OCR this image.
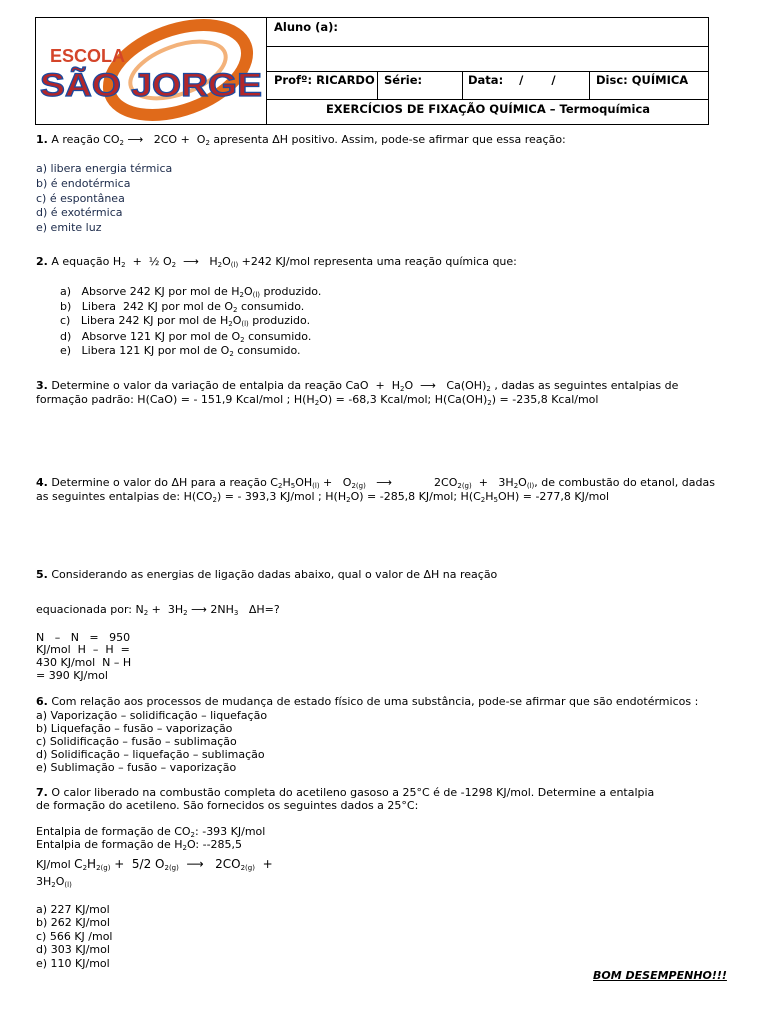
ESCOLA
SÃO JORGE
Aluno (a):
Profº: RICARDO Série:	Data:    /       /	Disc: QUÍMICA
EXERCÍCIOS DE FIXAÇÃO QUÍMICA – Termoquímica
1. A reação $CO_2$ ⟶   $2CO + O_2$ apresenta ΔH positivo. Assim, pode-se afirmar que essa reação:
a) libera energia térmica
b) é endotérmica
c) é espontânea
d) é exotérmica
e) emite luz
2. A equação $H_2$  +  ½ $O_2$  ⟶   $H_2O_{(l)} +242$ KJ/mol representa uma reação química que:
a)   Absorve 242 KJ por mol de $H_2O_{(l)}$ produzido.
b)   Libera  242 KJ por mol de $O_2$ consumido.
c)   Libera 242 KJ por mol de $H_2O_{(l)}$ produzido.
d)   Absorve 121 KJ por mol de $O_2$ consumido.
e)   Libera 121 KJ por mol de $O_2$ consumido.
3. Determine o valor da variação de entalpia da reação CaO  +  $H_2O$  ⟶   $Ca(OH)_2$ , dadas as seguintes entalpias de
formação padrão: H(CaO) = - 151,9 Kcal/mol ; $H(H_2O) = -68,3$ Kcal/mol; $H(Ca(OH)_2) = -235,8$ Kcal/mol
4. Determine o valor do ΔH para a reação $C_2H_5OH_{(l)} + O_{2(g)}$   ⟶            $2CO_{2(g)} + 3H_2O_{(l)}$, de combustão do etanol, dadas
as seguintes entalpias de: $H(CO_2)$ = - 393,3 KJ/mol ; $H(H_2O) = -285,8$ KJ/mol; $H(C_2H_5OH) = -277,8$ KJ/mol
5. Considerando as energias de ligação dadas abaixo, qual o valor de ΔH na reação
equacionada por: $N_2 + 3H_2$ ⟶ $2NH_3$   ΔH=?
N   –   N   =   950
KJ/mol  H  –  H  =
430 KJ/mol  N – H
= 390 KJ/mol
6. Com relação aos processos de mudança de estado físico de uma substância, pode-se afirmar que são endotérmicos :
a) Vaporização – solidificação – liquefação
b) Liquefação – fusão – vaporização
c) Solidificação – fusão – sublimação
d) Solidificação – liquefação – sublimação
e) Sublimação – fusão – vaporização
7. O calor liberado na combustão completa do acetileno gasoso a 25°C é de -1298 KJ/mol. Determine a entalpia
de formação do acetileno. São fornecidos os seguintes dados a 25°C:
Entalpia de formação de $CO_2$: -393 KJ/mol
Entalpia de formação de $H_2O$: --285,5
KJ/mol $C_2H_{2(g)} + 5/2$ $O_{2(g)}$  ⟶   $2CO_{2(g)}$  +
$3H_2O_{(l)}$
a) 227 KJ/mol
b) 262 KJ/mol
c) 566 KJ /mol
d) 303 KJ/mol
e) 110 KJ/mol
BOM DESEMPENHO!!!
